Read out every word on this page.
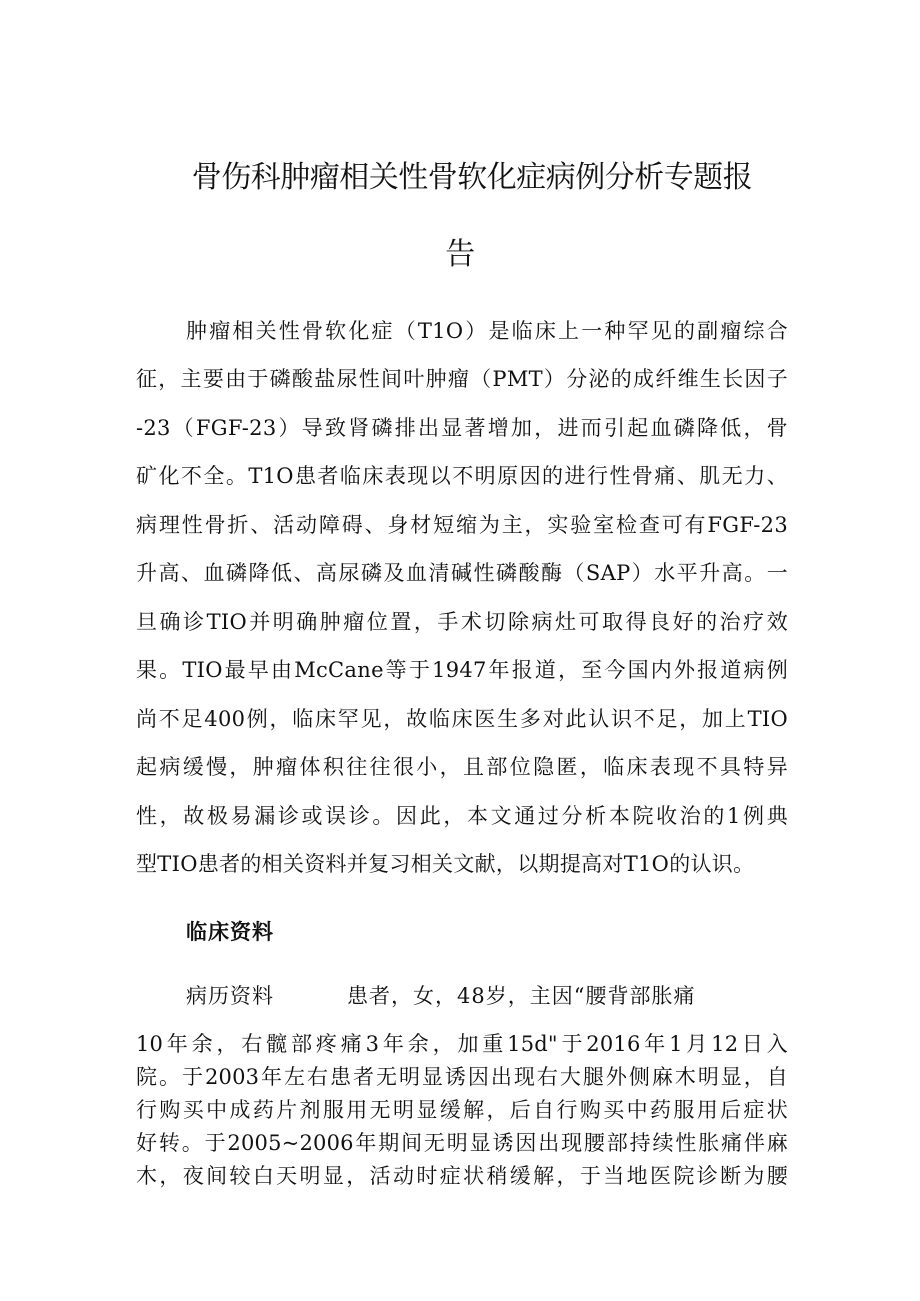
骨伤科肿瘤相关性骨软化症病例分析专题报
告
肿瘤相关性骨软化症（T1O）是临床上一种罕见的副瘤综合
征，主要由于磷酸盐尿性间叶肿瘤（PMT）分泌的成纤维生长因子
-23（FGF-23）导致肾磷排出显著增加，进而引起血磷降低，骨
矿化不全。T1O患者临床表现以不明原因的进行性骨痛、肌无力、
病理性骨折、活动障碍、身材短缩为主，实验室检查可有FGF-23
升高、血磷降低、高尿磷及血清碱性磷酸酶（SAP）水平升高。一
旦确诊TIO并明确肿瘤位置，手术切除病灶可取得良好的治疗效
果。TIO最早由McCane等于1947年报道，至今国内外报道病例
尚不足400例，临床罕见，故临床医生多对此认识不足，加上TIO
起病缓慢，肿瘤体积往往很小，且部位隐匿，临床表现不具特异
性，故极易漏诊或误诊。因此，本文通过分析本院收治的1例典
型TIO患者的相关资料并复习相关文献，以期提高对T1O的认识。
临床资料
病历资料	患者，女，48岁，主因“腰背部胀痛
10年余，右髋部疼痛3年余，加重15d"于2016年1月12日入
院。于2003年左右患者无明显诱因出现右大腿外侧麻木明显，自
行购买中成药片剂服用无明显缓解，后自行购买中药服用后症状
好转。于2005~2006年期间无明显诱因出现腰部持续性胀痛伴麻
木，夜间较白天明显，活动时症状稍缓解，于当地医院诊断为腰
